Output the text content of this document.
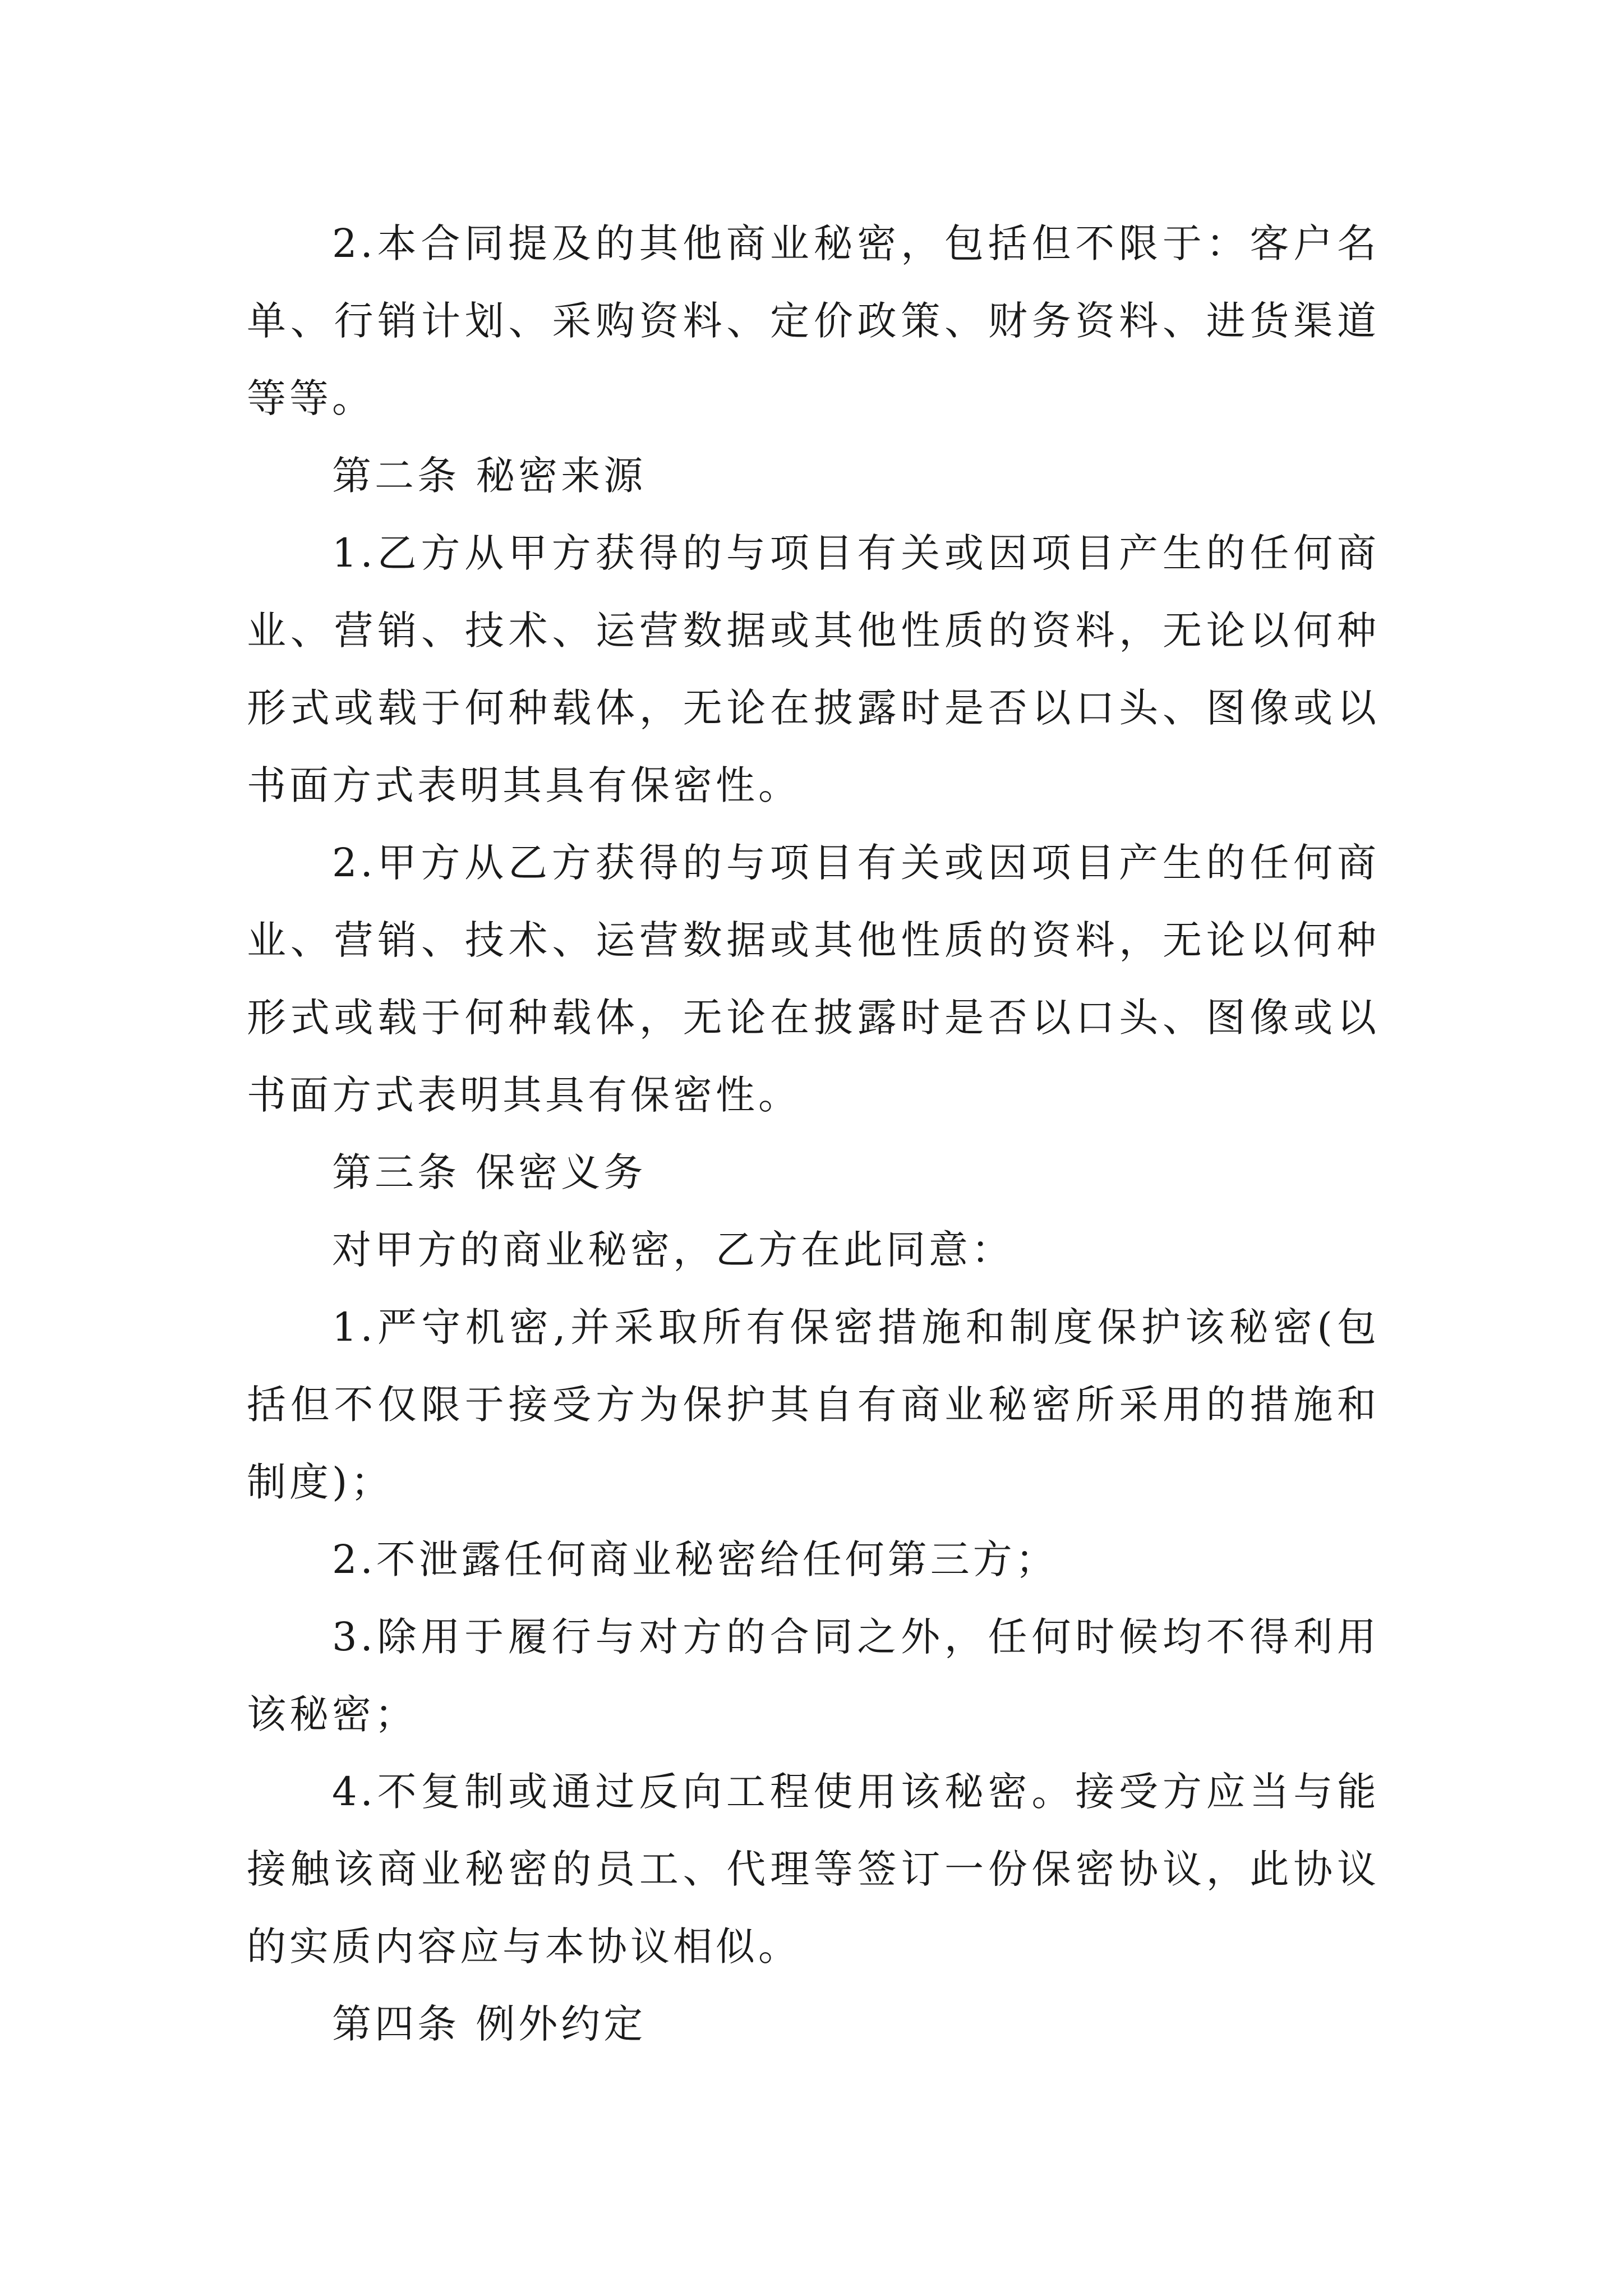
2.本合同提及的其他商业秘密，包括但不限于：客户名单、行销计划、采购资料、定价政策、财务资料、进货渠道等等。

第二条 秘密来源

1.乙方从甲方获得的与项目有关或因项目产生的任何商业、营销、技术、运营数据或其他性质的资料，无论以何种形式或载于何种载体，无论在披露时是否以口头、图像或以书面方式表明其具有保密性。

2.甲方从乙方获得的与项目有关或因项目产生的任何商业、营销、技术、运营数据或其他性质的资料，无论以何种形式或载于何种载体，无论在披露时是否以口头、图像或以书面方式表明其具有保密性。

第三条 保密义务

对甲方的商业秘密，乙方在此同意：

1.严守机密,并采取所有保密措施和制度保护该秘密(包括但不仅限于接受方为保护其自有商业秘密所采用的措施和制度)；

2.不泄露任何商业秘密给任何第三方；

3.除用于履行与对方的合同之外，任何时候均不得利用该秘密；

4.不复制或通过反向工程使用该秘密。接受方应当与能接触该商业秘密的员工、代理等签订一份保密协议，此协议的实质内容应与本协议相似。

第四条 例外约定
